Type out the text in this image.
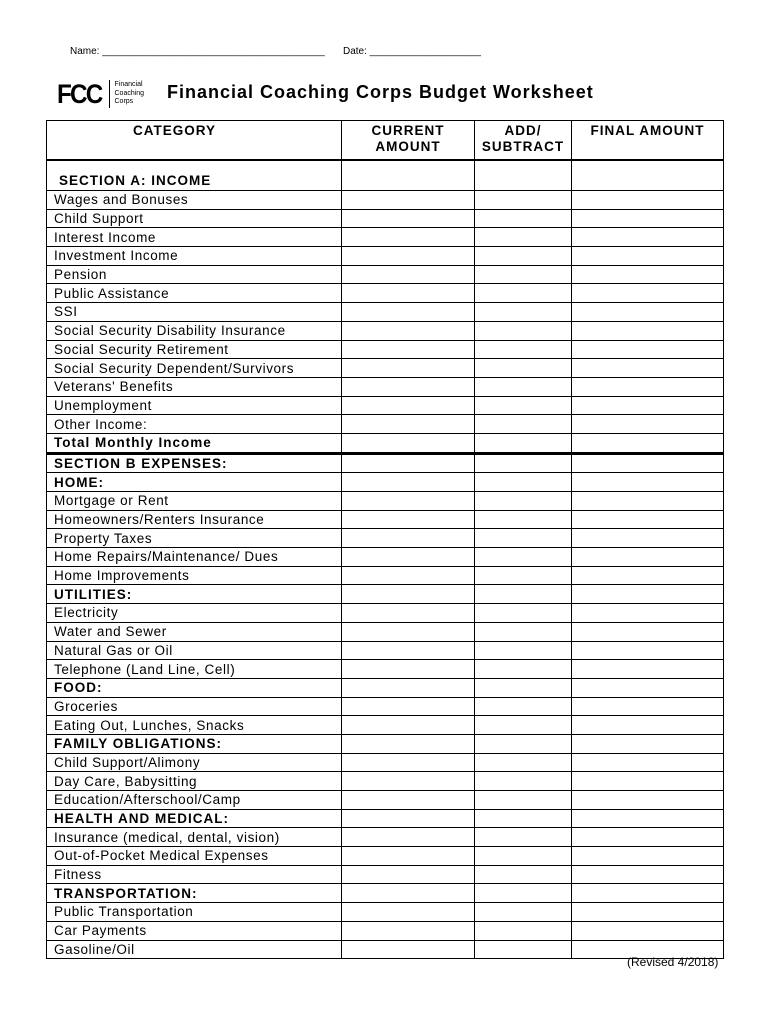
Name: ________________________________________ Date: ____________________
FCC Financial
Coaching
Corps	Financial Coaching Corps Budget Worksheet
CATEGORY	CURRENT AMOUNT	ADD/ SUBTRACT	FINAL AMOUNT
SECTION A: INCOME			
Wages and Bonuses			
Child Support			
Interest Income			
Investment Income			
Pension			
Public Assistance			
SSI			
Social Security Disability Insurance			
Social Security Retirement			
Social Security Dependent/Survivors			
Veterans' Benefits			
Unemployment			
Other Income:			
Total Monthly Income			
SECTION B EXPENSES:			
HOME:			
Mortgage or Rent			
Homeowners/Renters Insurance			
Property Taxes			
Home Repairs/Maintenance/ Dues			
Home Improvements			
UTILITIES:			
Electricity			
Water and Sewer			
Natural Gas or Oil			
Telephone (Land Line, Cell)			
FOOD:			
Groceries			
Eating Out, Lunches, Snacks			
FAMILY OBLIGATIONS:			
Child Support/Alimony			
Day Care, Babysitting			
Education/Afterschool/Camp			
HEALTH AND MEDICAL:			
Insurance (medical, dental, vision)			
Out-of-Pocket Medical Expenses			
Fitness			
TRANSPORTATION:			
Public Transportation			
Car Payments			
Gasoline/Oil			
(Revised 4/2018)
